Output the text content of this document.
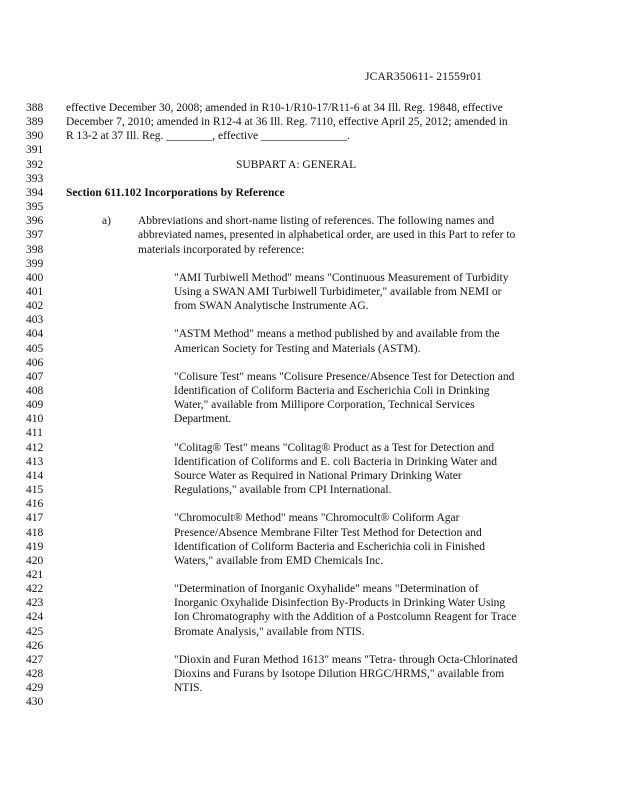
JCAR350611- 21559r01
388	effective December 30, 2008; amended in R10-1/R10-17/R11-6 at 34 Ill. Reg. 19848, effective
389	December 7, 2010; amended in R12-4 at 36 Ill. Reg. 7110, effective April 25, 2012; amended in
390	R 13-2 at 37 Ill. Reg. ________, effective _______________.
391
392	SUBPART A: GENERAL
393
394	Section 611.102 Incorporations by Reference
395
396	a) Abbreviations and short-name listing of references. The following names and
397	abbreviated names, presented in alphabetical order, are used in this Part to refer to
398	materials incorporated by reference:
399
400	"AMI Turbiwell Method" means "Continuous Measurement of Turbidity
401	Using a SWAN AMI Turbiwell Turbidimeter," available from NEMI or
402	from SWAN Analytische Instrumente AG.
403
404	"ASTM Method" means a method published by and available from the
405	American Society for Testing and Materials (ASTM).
406
407	"Colisure Test" means "Colisure Presence/Absence Test for Detection and
408	Identification of Coliform Bacteria and Escherichia Coli in Drinking
409	Water," available from Millipore Corporation, Technical Services
410	Department.
411
412	"Colitag® Test" means "Colitag® Product as a Test for Detection and
413	Identification of Coliforms and E. coli Bacteria in Drinking Water and
414	Source Water as Required in National Primary Drinking Water
415	Regulations," available from CPI International.
416
417	"Chromocult® Method" means "Chromocult® Coliform Agar
418	Presence/Absence Membrane Filter Test Method for Detection and
419	Identification of Coliform Bacteria and Escherichia coli in Finished
420	Waters," available from EMD Chemicals Inc.
421
422	"Determination of Inorganic Oxyhalide" means "Determination of
423	Inorganic Oxyhalide Disinfection By-Products in Drinking Water Using
424	Ion Chromatography with the Addition of a Postcolumn Reagent for Trace
425	Bromate Analysis," available from NTIS.
426
427	"Dioxin and Furan Method 1613" means "Tetra- through Octa-Chlorinated
428	Dioxins and Furans by Isotope Dilution HRGC/HRMS," available from
429	NTIS.
430
